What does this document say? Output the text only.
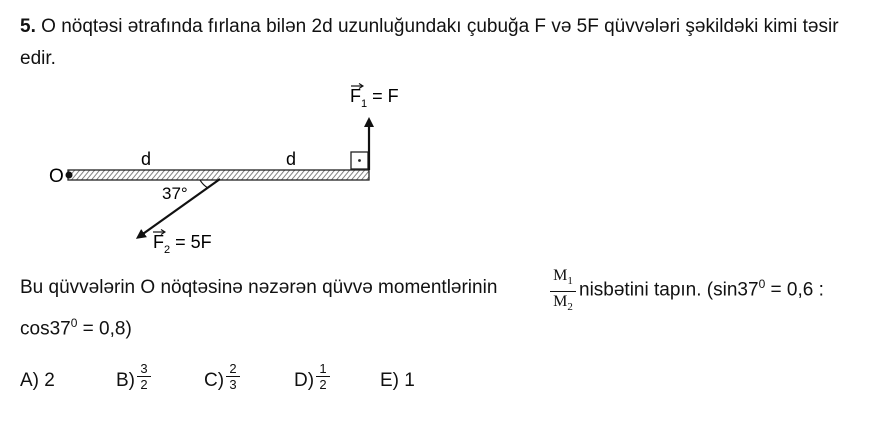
5. O nöqtəsi ətrafında fırlana bilən 2d uzunluğundakı çubuğa F və 5F qüvvələri şəkildəki kimi təsir edir.
O
d	d
$F_1 = F$
37°
$F_2 = 5F$
Bu qüvvələrin O nöqtəsinə nəzərən qüvvə momentlərinin	$\frac{M_1}{M_2}$ nisbətini tapın. ($\sin 37^0 = 0,6$ :
$\cos 37^0 = 0,8$)
A) 2	B)
3
2	C)
2
3	D)
1
2	E) 1
